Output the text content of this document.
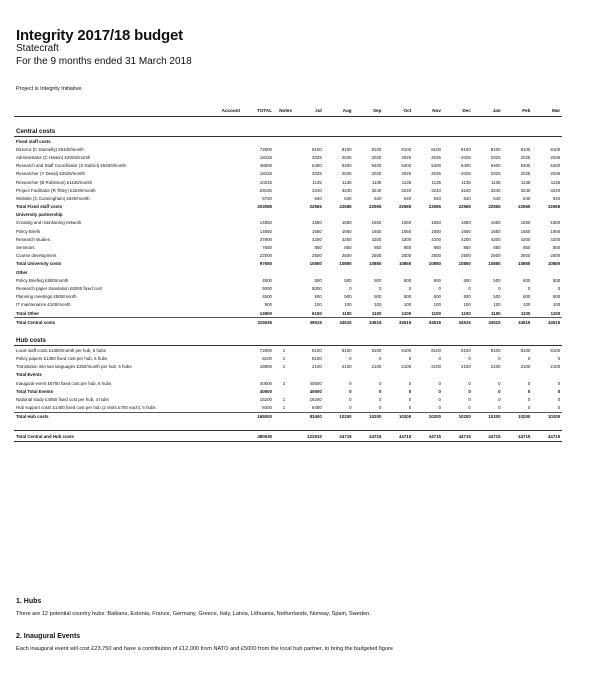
Integrity 2017/18 budget
Statecraft
For the 9 months ended 31 March 2018
Project is Integrity Initiative.
	Account	TOTAL	Notes	Jul	Aug	Sep	Oct	Nov	Dec	Jan	Feb	Mar

Central costs												
Fixed staff costs												
Director (C Donnelly) £8100/month		72900		8100	8100	8100	8100	8100	8100	8100	8100	8100
Administrator (C Hatton) £2025/month		18225		2025	2025	2025	2025	2025	2025	2025	2025	2025
Research and Staff Coordinator (S Dalziel) £5400/month		48600		5400	5400	5400	5400	5400	5400	5400	5400	5400
Researcher (Y Desai) £2025/month		18225		2025	2025	2025	2025	2025	2025	2025	2025	2025
Researcher (B Robinson) £1135/month		10215		1135	1135	1135	1135	1135	1135	1135	1135	1135
Project Facilitator (R Titley) £3240/month		29160		3240	3240	3240	3240	3240	3240	3240	3240	3240
Website (C Cunningham) £640/month		5760		640	640	640	640	640	640	640	640	640
Total Fixed staff costs		203085		22565	22565	22565	22565	22565	22565	22565	22565	22565
University partnership												
Creating and maintaining network		14850		1650	1650	1650	1650	1650	1650	1650	1650	1650
Policy Briefs		14850		1650	1650	1650	1650	1650	1650	1650	1650	1650
Research studies		37800		4200	4200	4200	4200	4200	4200	4200	4200	4200
Seminars		7650		850	850	850	850	850	850	850	850	850
Course development		22500		2500	2500	2500	2500	2500	2500	2500	2500	2500
Total University costs		97650		10850	10850	10850	10850	10850	10850	10850	10850	10850
Other												
Policy Briefing £500/month		4500		500	500	500	500	500	500	500	500	500
Research paper translation £5000 fixed cost		5000		5000	0	0	0	0	0	0	0	0
Planning meetings £500/month		4500		500	500	500	500	500	500	500	500	500
IT maintenance £100/month		900		100	100	100	100	100	100	100	100	100
Total Other		14900		6100	1100	1100	1100	1100	1100	1100	1100	1100
Total Central costs		315635		39515	34515	34515	34515	34515	34515	34515	34515	34515

Hub costs												
Local staff costs £1350/month per hub, 6 hubs		72900	1	8100	8100	8100	8100	8100	8100	8100	8100	8100
Policy papers £1350 fixed cost per hub, 6 hubs		8100	1	8100	0	0	0	0	0	0	0	0
Translation into two languages £350/month per hub, 6 hubs		18900	1	2100	2100	2100	2100	2100	2100	2100	2100	2100
Total Events												
Inaugural event £6750 fixed cost per hub, 6 hubs		40500	2	40500	0	0	0	0	0	0	0	0
Total Total Events		40500		40500	0	0	0	0	0	0	0	0
National study £4050 fixed cost per hub, 4 hubs		16200	1	16200	0	0	0	0	0	0	0	0
Hub support costs £1400 fixed cost per hub (2 visits £700 each), 6 hubs		8400	1	8400	0	0	0	0	0	0	0	0
Total Hub costs		165000		83400	10200	10200	10200	10200	10200	10200	10200	10200

Total Central and Hub costs		480635		122915	44715	44715	44715	44715	44715	44715	44715	44715
1. Hubs
There are 12 potential country hubs: Balkans, Estonia, France, Germany, Greece, Italy, Latvia, Lithuania, Netherlands, Norway, Spain, Sweden.
2. Inaugural Events
Each inaugural event will cost £23,750 and have a contribution of £12,000 from NATO and £5000 from the local hub partner, to bring the budgeted figure
